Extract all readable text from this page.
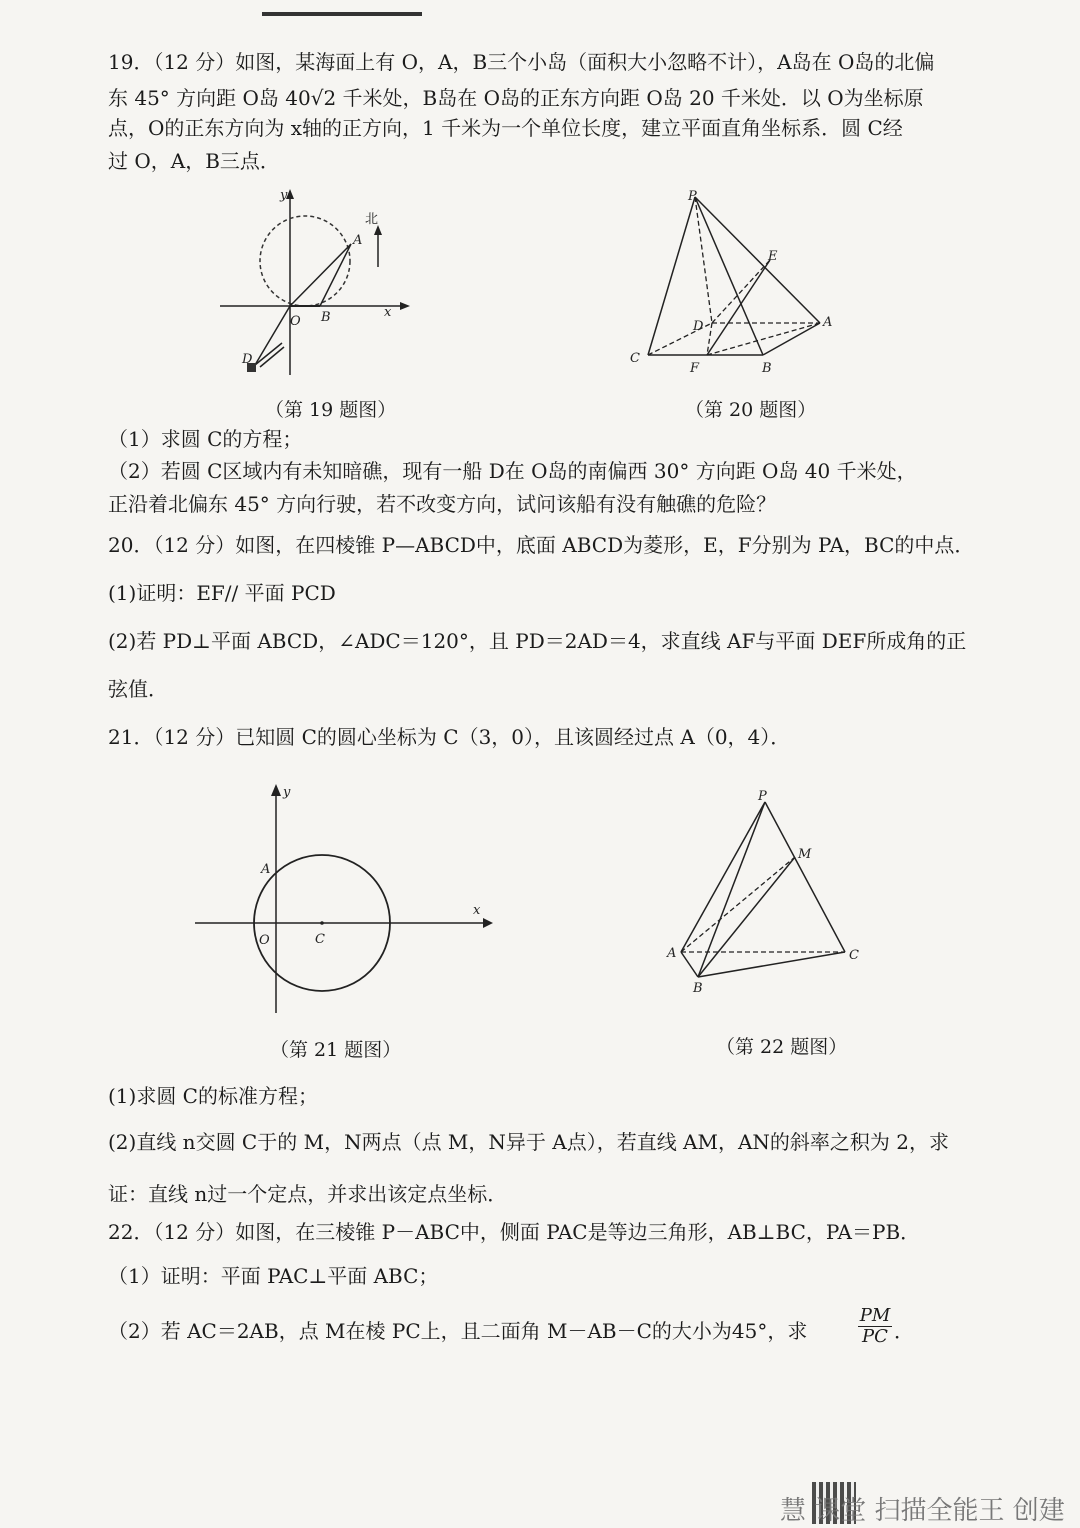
19．（12 分）如图，某海面上有 O，A，B三个小岛（面积大小忽略不计），A岛在 O岛的北偏
东 45° 方向距 O岛 40√2 千米处，B岛在 O岛的正东方向距 O岛 20 千米处．以 O为坐标原
点，O的正东方向为 x轴的正方向，1 千米为一个单位长度，建立平面直角坐标系．圆 C经
过 O，A，B三点．
北
y
x
O
A
B
D
（第 19 题图）
P
E
A
D
C
F	B
（第 20 题图）
（1）求圆 C的方程；
（2）若圆 C区域内有未知暗礁，现有一船 D在 O岛的南偏西 30° 方向距 O岛 40 千米处，
正沿着北偏东 45° 方向行驶，若不改变方向，试问该船有没有触礁的危险？
20．（12 分）如图，在四棱锥 P—ABCD中，底面 ABCD为菱形，E，F分别为 PA，BC的中点．
(1)证明：EF// 平面 PCD
(2)若 PD⊥平面 ABCD，∠ADC＝120°，且 PD＝2AD＝4，求直线 AF与平面 DEF所成角的正
弦值．
21．（12 分）已知圆 C的圆心坐标为 C（3，0），且该圆经过点 A（0，4）．
y
x
A
O	C
（第 21 题图）
P
M
A
B
C
（第 22 题图）
(1)求圆 C的标准方程；
(2)直线 n交圆 C于的 M，N两点（点 M，N异于 A点），若直线 AM，AN的斜率之积为 2，求
证：直线 n过一个定点，并求出该定点坐标．
22．（12 分）如图，在三棱锥 P－ABC中，侧面 PAC是等边三角形，AB⊥BC，PA＝PB．
（1）证明：平面 PAC⊥平面 ABC；
（2）若 AC＝2AB，点 M在棱 PC上，且二面角 M－AB－C的大小为45°，求	$\frac{PM}{PC}$ ．
慧 课堂 扫描全能王 创建
